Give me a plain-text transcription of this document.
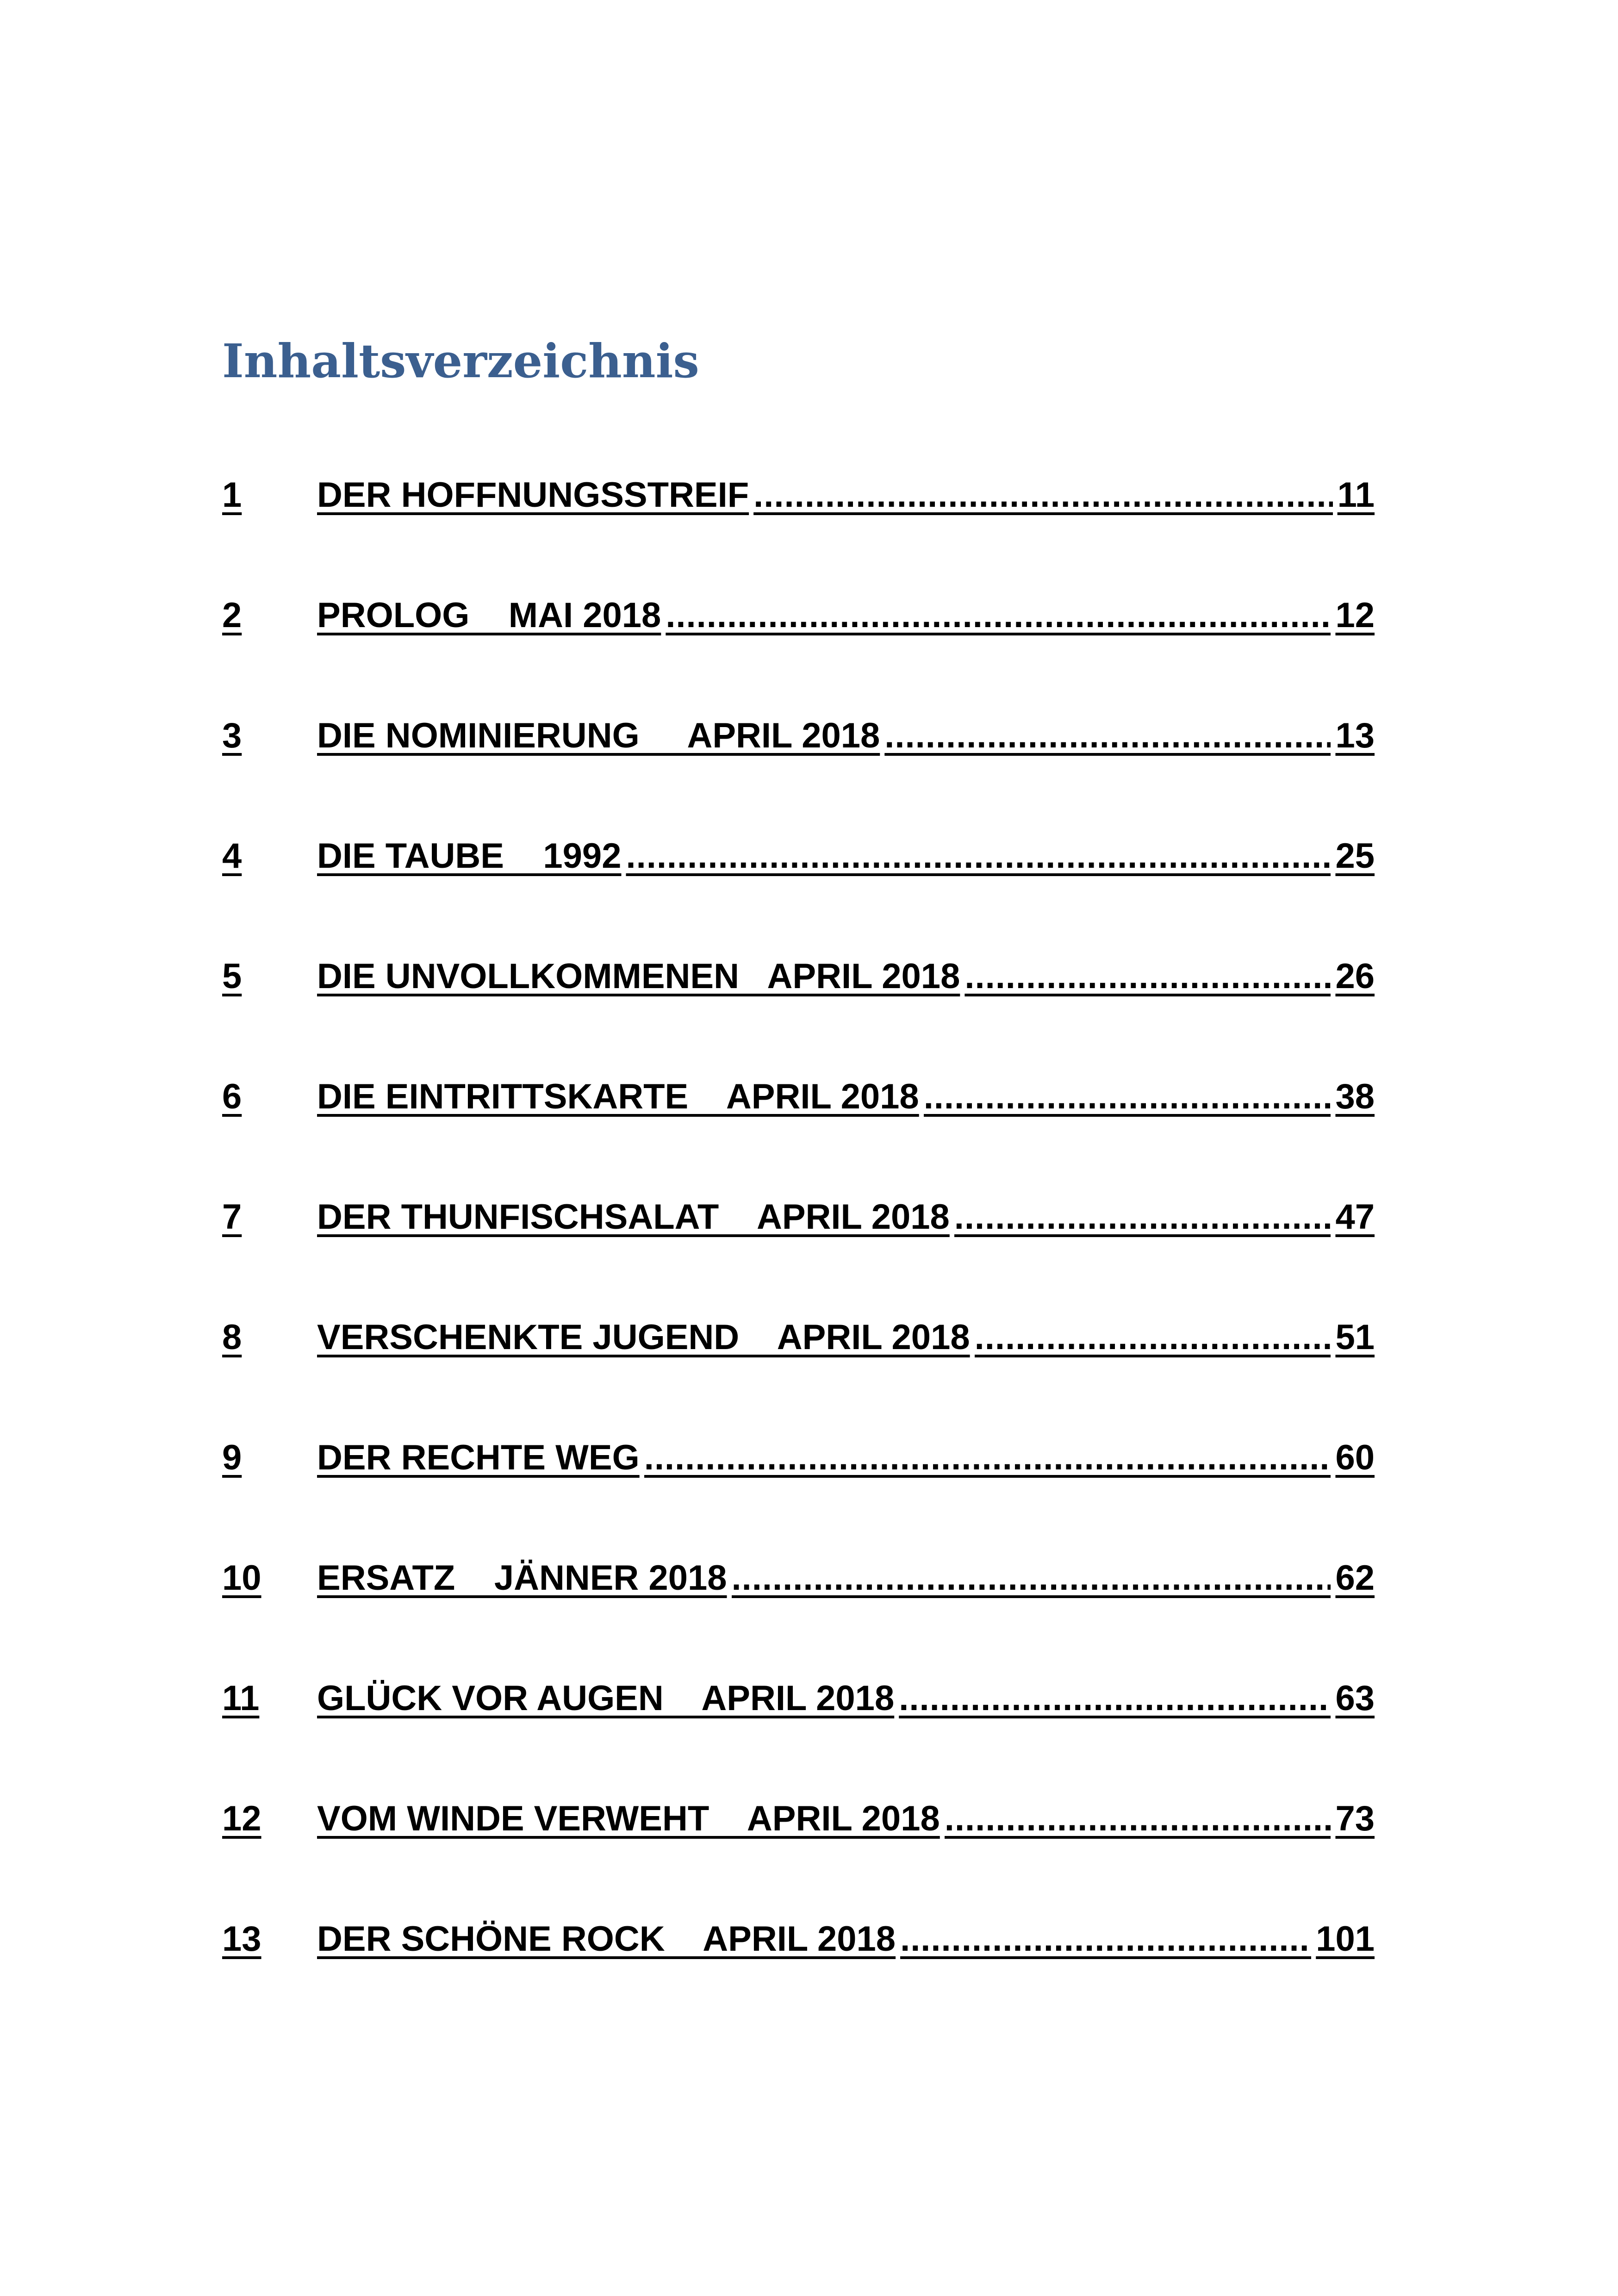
Inhaltsverzeichnis
1	DER HOFFNUNGSSTREIF .....	11
2	PROLOG    MAI 2018 .....	12
3	DIE NOMINIERUNG     APRIL 2018 .....	13
4	DIE TAUBE    1992 .....	25
5	DIE UNVOLLKOMMENEN   APRIL 2018 .....	26
6	DIE EINTRITTSKARTE    APRIL 2018 .....	38
7	DER THUNFISCHSALAT    APRIL 2018 .....	47
8	VERSCHENKTE JUGEND    APRIL 2018 .....	51
9	DER RECHTE WEG .....	60
10	ERSATZ    JÄNNER 2018 .....	62
11	GLÜCK VOR AUGEN    APRIL 2018 .....	63
12	VOM WINDE VERWEHT    APRIL 2018 .....	73
13	DER SCHÖNE ROCK    APRIL 2018 .....	101
